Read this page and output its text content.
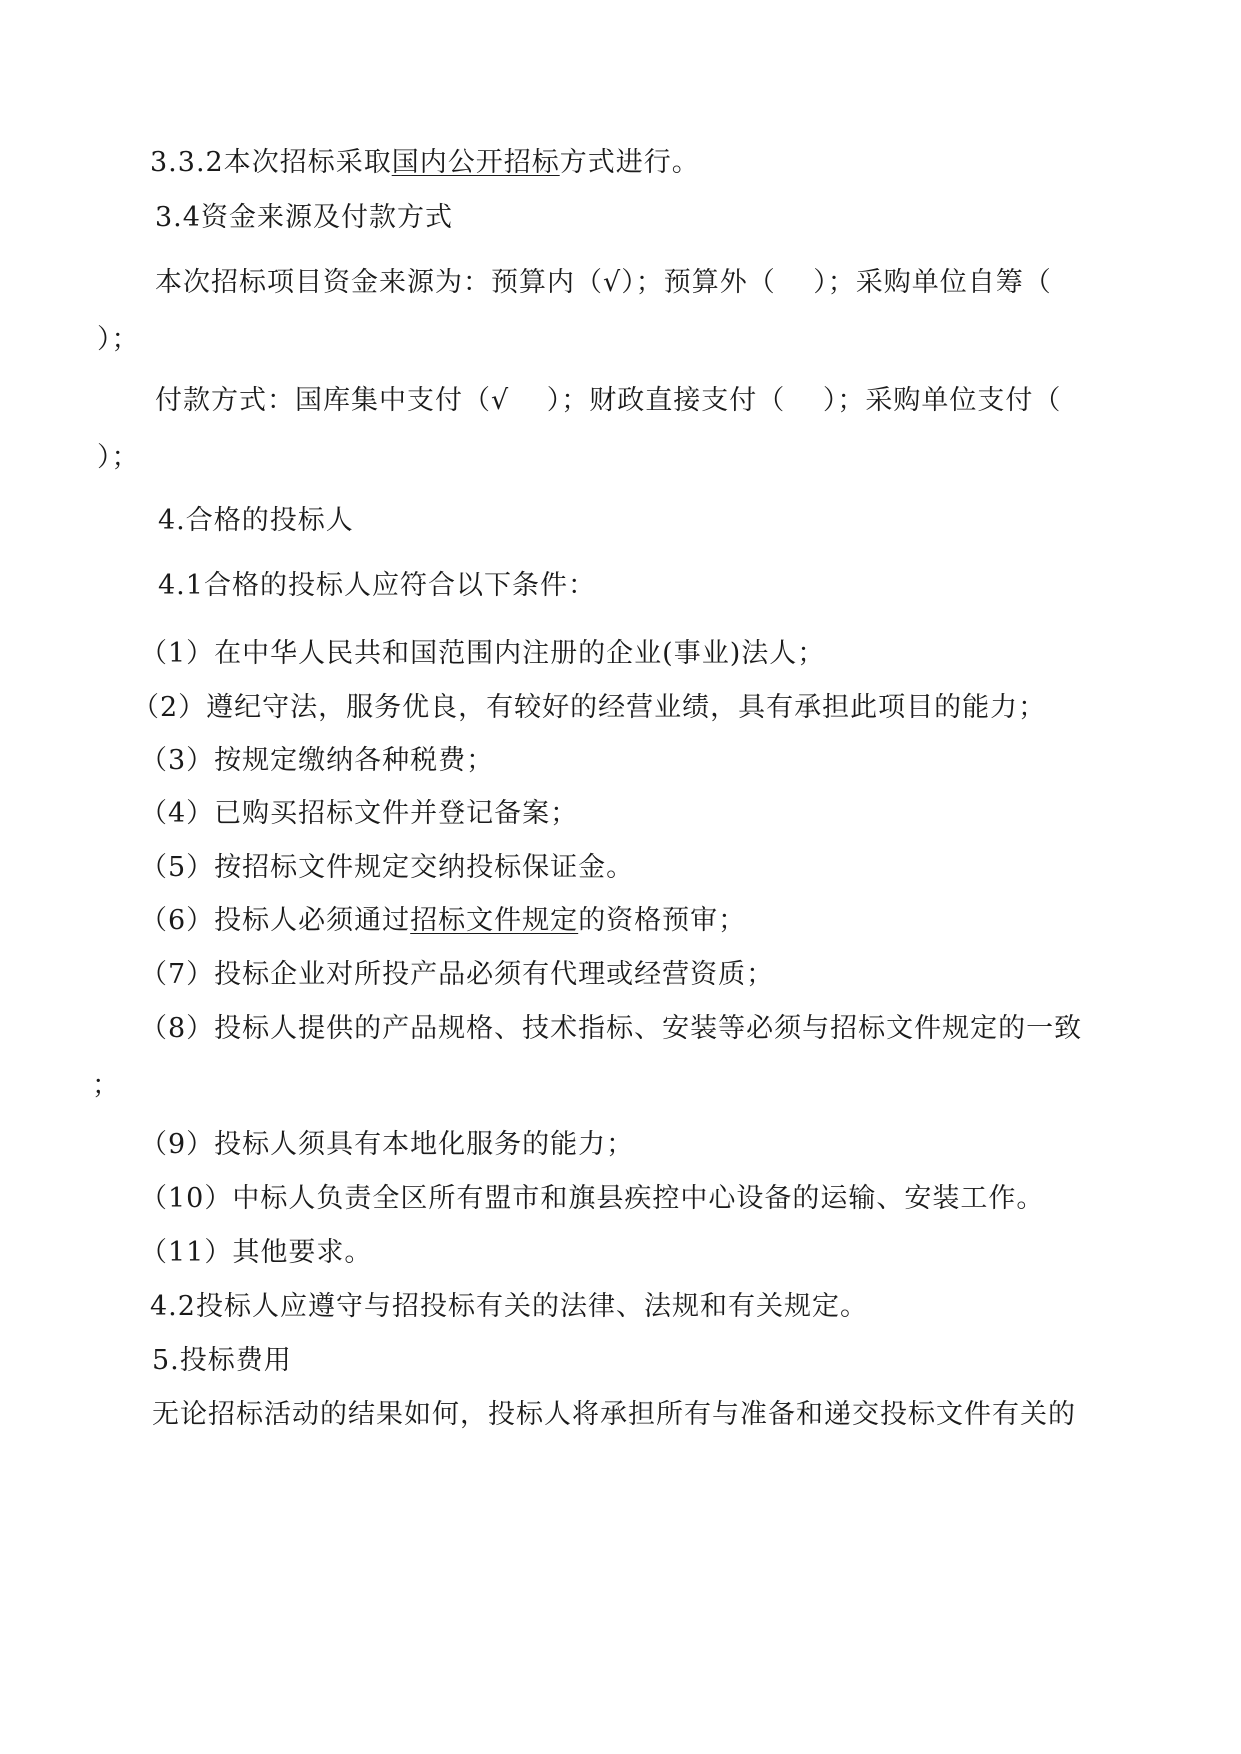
3.3.2本次招标采取国内公开招标方式进行。
3.4资金来源及付款方式
本次招标项目资金来源为：预算内（√）；预算外（　 ）；采购单位自筹（
）；
付款方式：国库集中支付（√　 ）；财政直接支付（　 ）；采购单位支付（
）；
4.合格的投标人
4.1合格的投标人应符合以下条件：
（1）在中华人民共和国范围内注册的企业(事业)法人；
（2）遵纪守法，服务优良，有较好的经营业绩，具有承担此项目的能力；
（3）按规定缴纳各种税费；
（4）已购买招标文件并登记备案；
（5）按招标文件规定交纳投标保证金。
（6）投标人必须通过招标文件规定的资格预审；
（7）投标企业对所投产品必须有代理或经营资质；
（8）投标人提供的产品规格、技术指标、安装等必须与招标文件规定的一致
；
（9）投标人须具有本地化服务的能力；
（10）中标人负责全区所有盟市和旗县疾控中心设备的运输、安装工作。
（11）其他要求。
4.2投标人应遵守与招投标有关的法律、法规和有关规定。
5.投标费用
无论招标活动的结果如何，投标人将承担所有与准备和递交投标文件有关的
